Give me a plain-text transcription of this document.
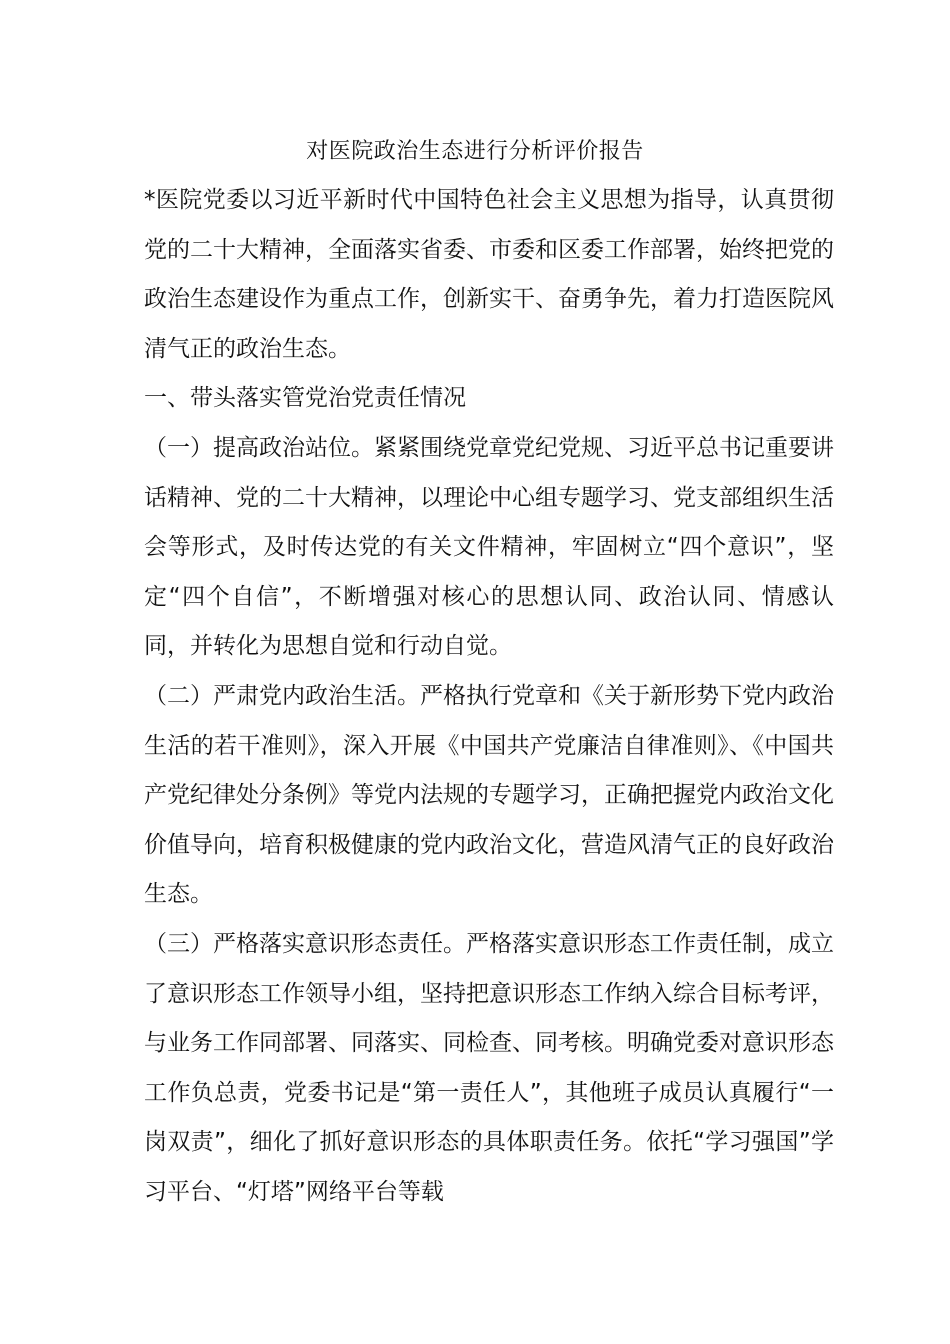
对医院政治生态进行分析评价报告

*医院党委以习近平新时代中国特色社会主义思想为指导，认真贯彻党的二十大精神，全面落实省委、市委和区委工作部署，始终把党的政治生态建设作为重点工作，创新实干、奋勇争先，着力打造医院风清气正的政治生态。

一、带头落实管党治党责任情况

（一）提高政治站位。紧紧围绕党章党纪党规、习近平总书记重要讲话精神、党的二十大精神，以理论中心组专题学习、党支部组织生活会等形式，及时传达党的有关文件精神，牢固树立“四个意识”，坚定“四个自信”，不断增强对核心的思想认同、政治认同、情感认同，并转化为思想自觉和行动自觉。

（二）严肃党内政治生活。严格执行党章和《关于新形势下党内政治生活的若干准则》，深入开展《中国共产党廉洁自律准则》、《中国共产党纪律处分条例》等党内法规的专题学习，正确把握党内政治文化价值导向，培育积极健康的党内政治文化，营造风清气正的良好政治生态。

（三）严格落实意识形态责任。严格落实意识形态工作责任制，成立了意识形态工作领导小组，坚持把意识形态工作纳入综合目标考评，与业务工作同部署、同落实、同检查、同考核。明确党委对意识形态工作负总责，党委书记是“第一责任人”，其他班子成员认真履行“一岗双责”，细化了抓好意识形态的具体职责任务。依托“学习强国”学习平台、“灯塔”网络平台等载
